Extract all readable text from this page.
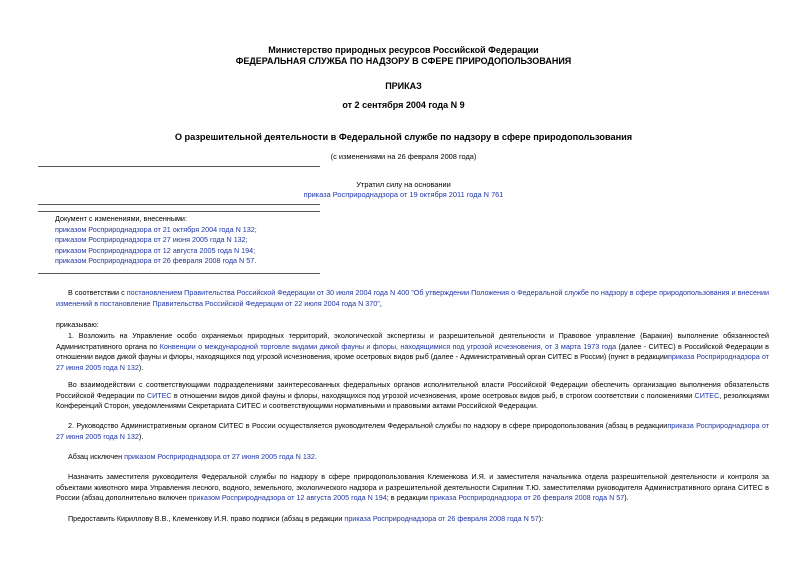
Министерство природных ресурсов Российской Федерации
ФЕДЕРАЛЬНАЯ СЛУЖБА ПО НАДЗОРУ В СФЕРЕ ПРИРОДОПОЛЬЗОВАНИЯ
ПРИКАЗ
от 2 сентября 2004 года N 9
О разрешительной деятельности в Федеральной службе по надзору в сфере природопользования
(с изменениями на 26 февраля 2008 года)
Утратил силу на основании
приказа Росприроднадзора от 19 октября 2011 года N 761
Документ с изменениями, внесенными:
приказом Росприроднадзора от 21 октября 2004 года N 132;
приказом Росприроднадзора от 27 июня 2005 года N 132;
приказом Росприроднадзора от 12 августа 2005 года N 194;
приказом Росприроднадзора от 26 февраля 2008 года N 57.
В соответствии с постановлением Правительства Российской Федерации от 30 июля 2004 года N 400 "Об утверждении Положения о Федеральной службе по надзору в сфере природопользования и внесении изменений в постановление Правительства Российской Федерации от 22 июля 2004 года N 370",
приказываю:
1. Возложить на Управление особо охраняемых природных территорий, экологической экспертизы и разрешительной деятельности и Правовое управление (Баракин) выполнение обязанностей Административного органа по Конвенции о международной торговле видами дикой фауны и флоры, находящимися под угрозой исчезновения, от 3 марта 1973 года (далее - СИТЕС) в Российской Федерации в отношении видов дикой фауны и флоры, находящихся под угрозой исчезновения, кроме осетровых видов рыб (далее - Административный орган СИТЕС в России) (пункт в редакцииприказа Росприроднадзора от 27 июня 2005 года N 132).
Во взаимодействии с соответствующими подразделениями заинтересованных федеральных органов исполнительной власти Российской Федерации обеспечить организацию выполнения обязательств Российской Федерации по СИТЕС в отношении видов дикой фауны и флоры, находящихся под угрозой исчезновения, кроме осетровых видов рыб, в строгом соответствии с положениями СИТЕС, резолюциями Конференций Сторон, уведомлениями Секретариата СИТЕС и соответствующими нормативными и правовыми актами Российской Федерации.
2. Руководство Административным органом СИТЕС в России осуществляется руководителем Федеральной службы по надзору в сфере природопользования (абзац в редакцииприказа Росприроднадзора от 27 июня 2005 года N 132).
Абзац исключен приказом Росприроднадзора от 27 июня 2005 года N 132.
Назначить заместителя руководителя Федеральной службы по надзору в сфере природопользования Клеменкова И.Я. и заместителя начальника отдела разрешительной деятельности и контроля за объектами животного мира Управления лесного, водного, земельного, экологического надзора и разрешительной деятельности Скрипник Т.Ю. заместителями руководителя Административного органа СИТЕС в России (абзац дополнительно включен приказом Росприроднадзора от 12 августа 2005 года N 194; в редакции приказа Росприроднадзора от 26 февраля 2008 года N 57).
Предоставить Кириллову В.В., Клеменкову И.Я. право подписи (абзац в редакции приказа Росприроднадзора от 26 февраля 2008 года N 57):
